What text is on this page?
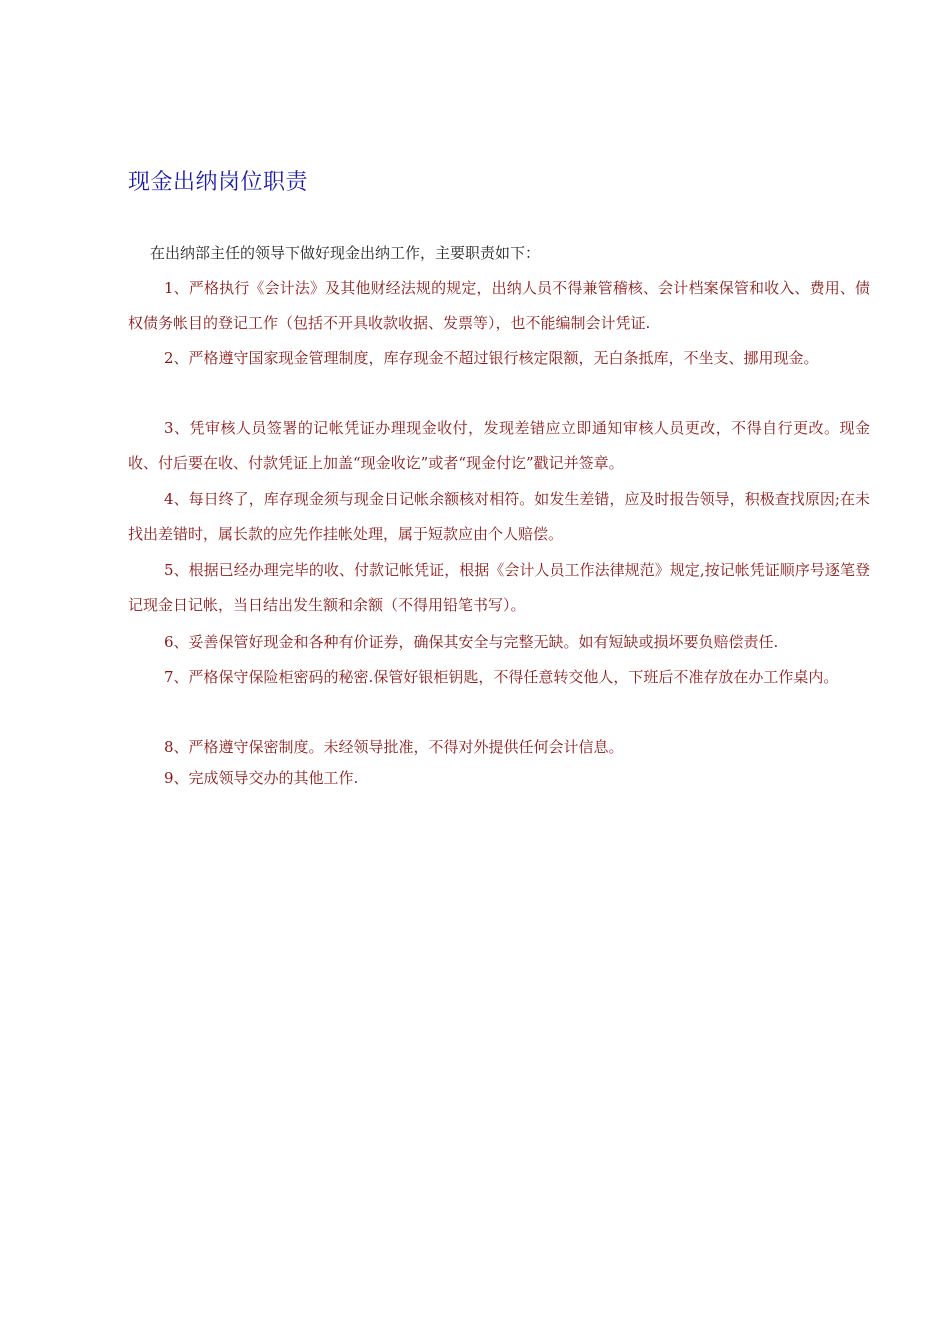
现金出纳岗位职责
在出纳部主任的领导下做好现金出纳工作，主要职责如下：

1、严格执行《会计法》及其他财经法规的规定，出纳人员不得兼管稽核、会计档案保管和收入、费用、债权债务帐目的登记工作（包括不开具收款收据、发票等），也不能编制会计凭证.

2、严格遵守国家现金管理制度，库存现金不超过银行核定限额，无白条抵库，不坐支、挪用现金。

3、凭审核人员签署的记帐凭证办理现金收付，发现差错应立即通知审核人员更改，不得自行更改。现金收、付后要在收、付款凭证上加盖“现金收讫”或者“现金付讫”戳记并签章。

4、每日终了，库存现金须与现金日记帐余额核对相符。如发生差错，应及时报告领导，积极查找原因;在未找出差错时，属长款的应先作挂帐处理，属于短款应由个人赔偿。

5、根据已经办理完毕的收、付款记帐凭证，根据《会计人员工作法律规范》规定,按记帐凭证顺序号逐笔登记现金日记帐，当日结出发生额和余额（不得用铅笔书写）。

6、妥善保管好现金和各种有价证券，确保其安全与完整无缺。如有短缺或损坏要负赔偿责任.

7、严格保守保险柜密码的秘密.保管好银柜钥匙，不得任意转交他人，下班后不准存放在办工作桌内。

8、严格遵守保密制度。未经领导批准，不得对外提供任何会计信息。

9、完成领导交办的其他工作.
